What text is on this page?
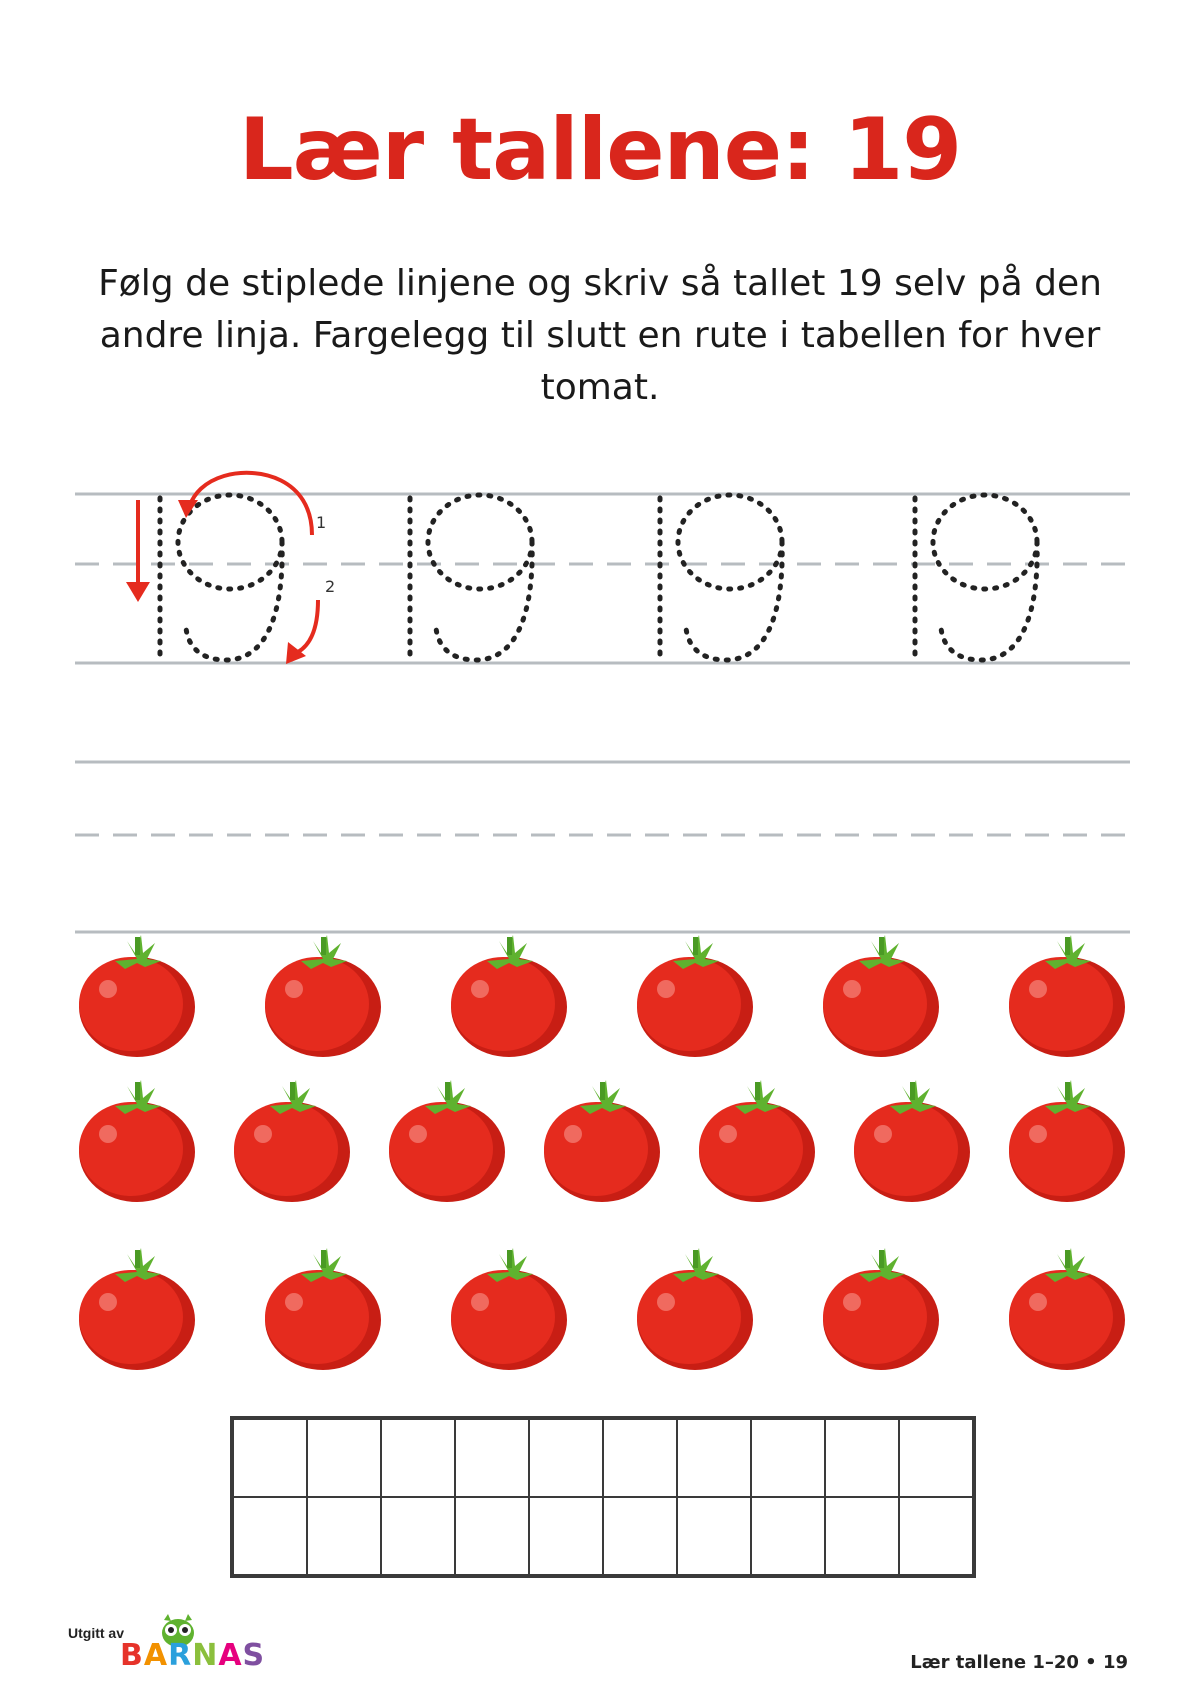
Lær tallene: 19
Følg de stiplede linjene og skriv så tallet 19 selv på den andre linja. Fargelegg til slutt en rute i tabellen for hver tomat.
1
2
Utgitt av
BARNAS	Lær tallene 1–20 • 19
